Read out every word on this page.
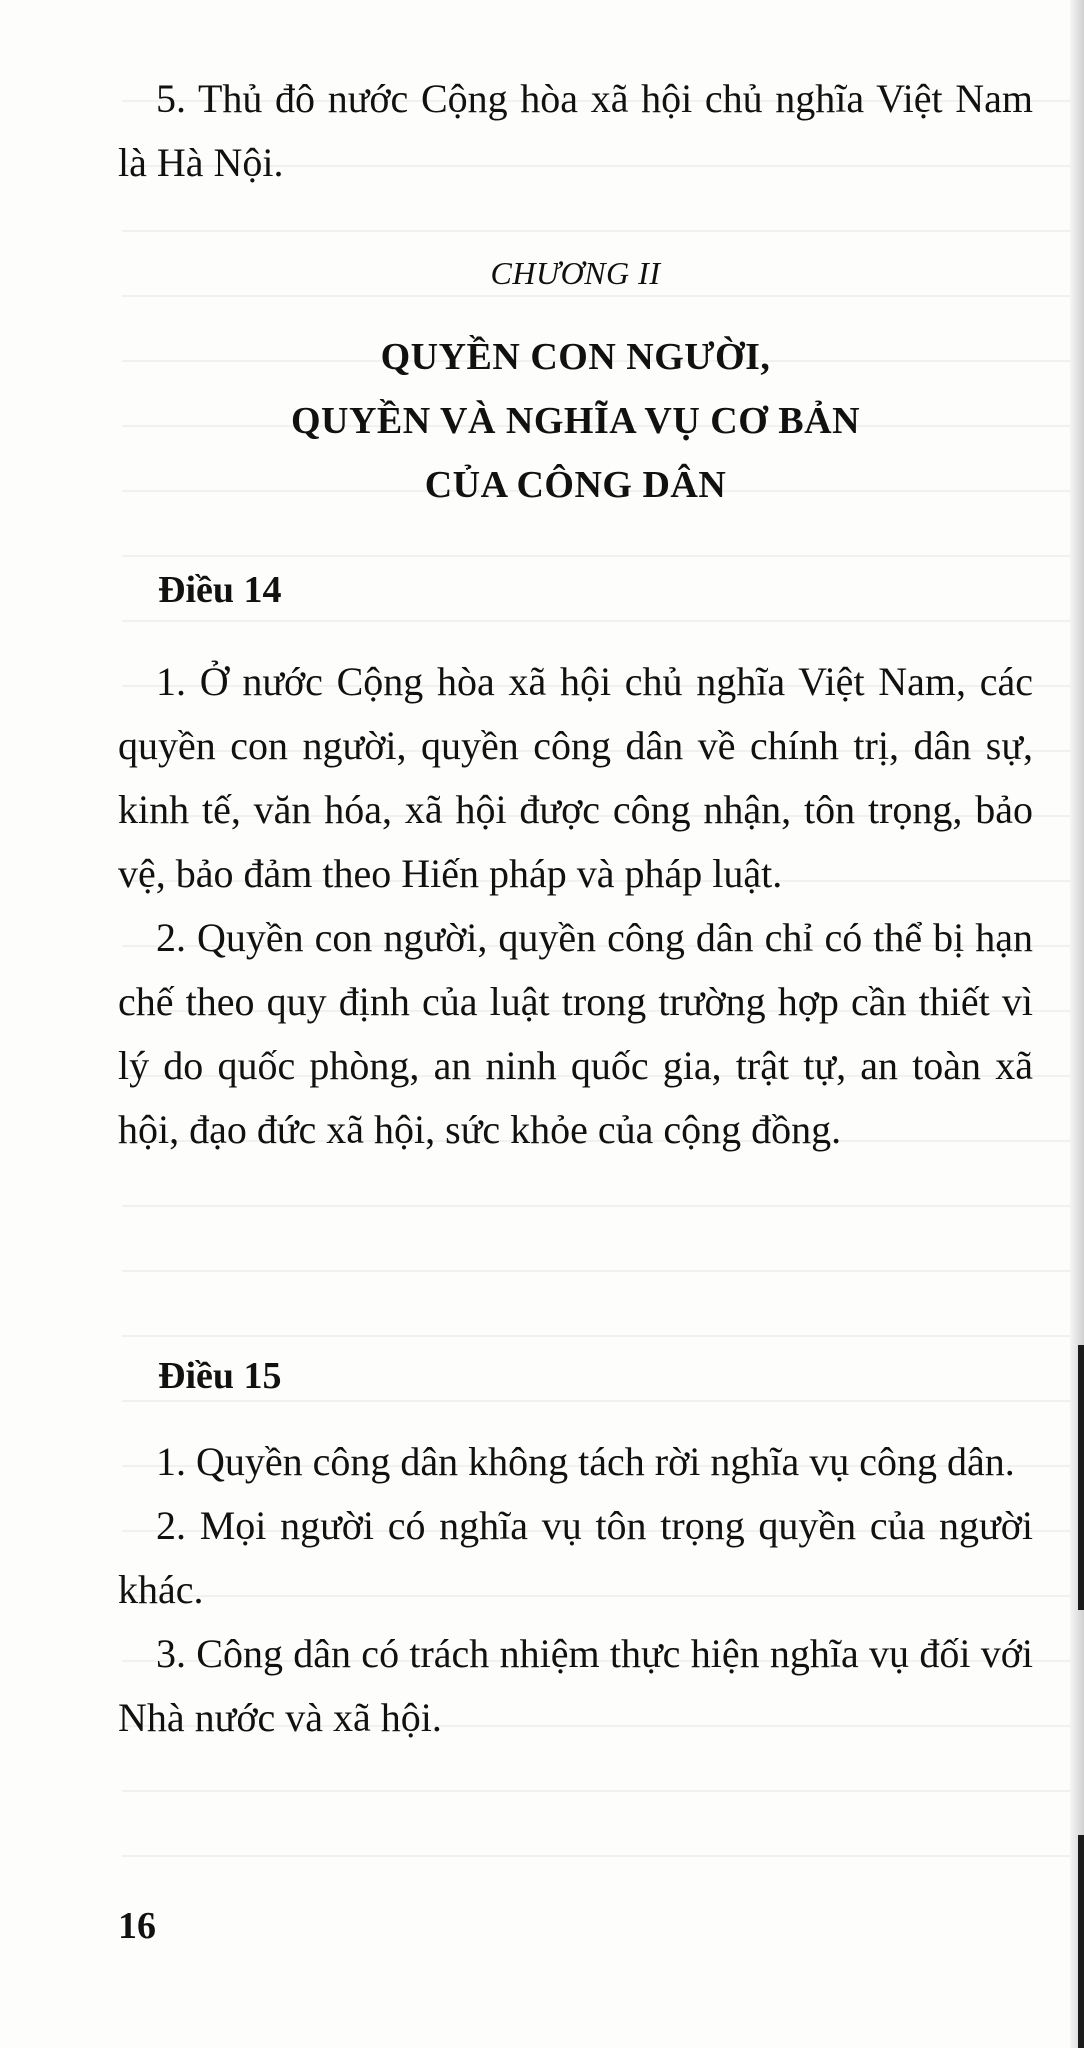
5. Thủ đô nước Cộng hòa xã hội chủ nghĩa Việt Nam là Hà Nội.

CHƯƠNG II
QUYỀN CON NGƯỜI,
QUYỀN VÀ NGHĨA VỤ CƠ BẢN
CỦA CÔNG DÂN
Điều 14

1. Ở nước Cộng hòa xã hội chủ nghĩa Việt Nam, các quyền con người, quyền công dân về chính trị, dân sự, kinh tế, văn hóa, xã hội được công nhận, tôn trọng, bảo vệ, bảo đảm theo Hiến pháp và pháp luật.

2. Quyền con người, quyền công dân chỉ có thể bị hạn chế theo quy định của luật trong trường hợp cần thiết vì lý do quốc phòng, an ninh quốc gia, trật tự, an toàn xã hội, đạo đức xã hội, sức khỏe của cộng đồng.

Điều 15

1. Quyền công dân không tách rời nghĩa vụ công dân.

2. Mọi người có nghĩa vụ tôn trọng quyền của người khác.

3. Công dân có trách nhiệm thực hiện nghĩa vụ đối với Nhà nước và xã hội.

16
